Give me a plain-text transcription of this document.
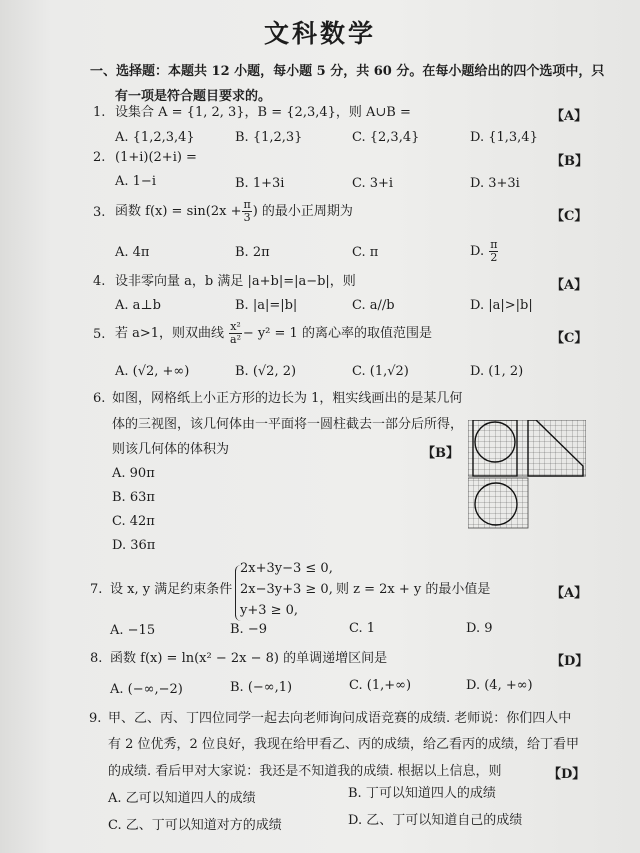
文科数学
一、选择题：本题共 12 小题，每小题 5 分，共 60 分。在每小题给出的四个选项中，只
有一项是符合题目要求的。
1. 设集合 A = {1, 2, 3}，B = {2,3,4}，则 A∪B =	【A】
A. {1,2,3,4}	B. {1,2,3}	C. {2,3,4}	D. {1,3,4}
2. (1+i)(2+i) =	【B】
A. 1−i	B. 1+3i	C. 3+i	D. 3+3i
3. 函数 $f(x) = \sin(2x + \frac{\pi}{3}$ ) 的最小正周期为	【C】
A. 4π	B. 2π	C. π	D. $\frac{\pi}{2}$
4. 设非零向量 a，b 满足 |a+b|=|a−b|，则	【A】
A. a⊥b	B. |a|=|b|	C. a//b	D. |a|>|b|
5. 若 a>1，则双曲线 $\frac{\text{x²}}{\text{a²}} - y^2 = 1$ 的离心率的取值范围是	【C】
A. (√2, +∞)	B. (√2, 2)	C. (1,√2)	D. (1, 2)
6. 如图，网格纸上小正方形的边长为 1，粗实线画出的是某几何
体的三视图，该几何体由一平面将一圆柱截去一部分后所得，
则该几何体的体积为	【B】
A. 90π
B. 63π
C. 42π
D. 36π
7. 设 x, y 满足约束条件
2x+3y−3 ≤ 0,
2x−3y+3 ≥ 0,
y+3 ≥ 0,
则 z = 2x + y 的最小值是	【A】
A. −15	B. −9	C. 1	D. 9
8. 函数 f(x) = ln(x² − 2x − 8) 的单调递增区间是	【D】
A. (−∞,−2)	B. (−∞,1)	C. (1,+∞)	D. (4, +∞)
9. 甲、乙、丙、丁四位同学一起去向老师询问成语竞赛的成绩. 老师说：你们四人中
有 2 位优秀，2 位良好，我现在给甲看乙、丙的成绩，给乙看丙的成绩，给丁看甲
的成绩. 看后甲对大家说：我还是不知道我的成绩. 根据以上信息，则	【D】
A. 乙可以知道四人的成绩	B. 丁可以知道四人的成绩
C. 乙、丁可以知道对方的成绩	D. 乙、丁可以知道自己的成绩
